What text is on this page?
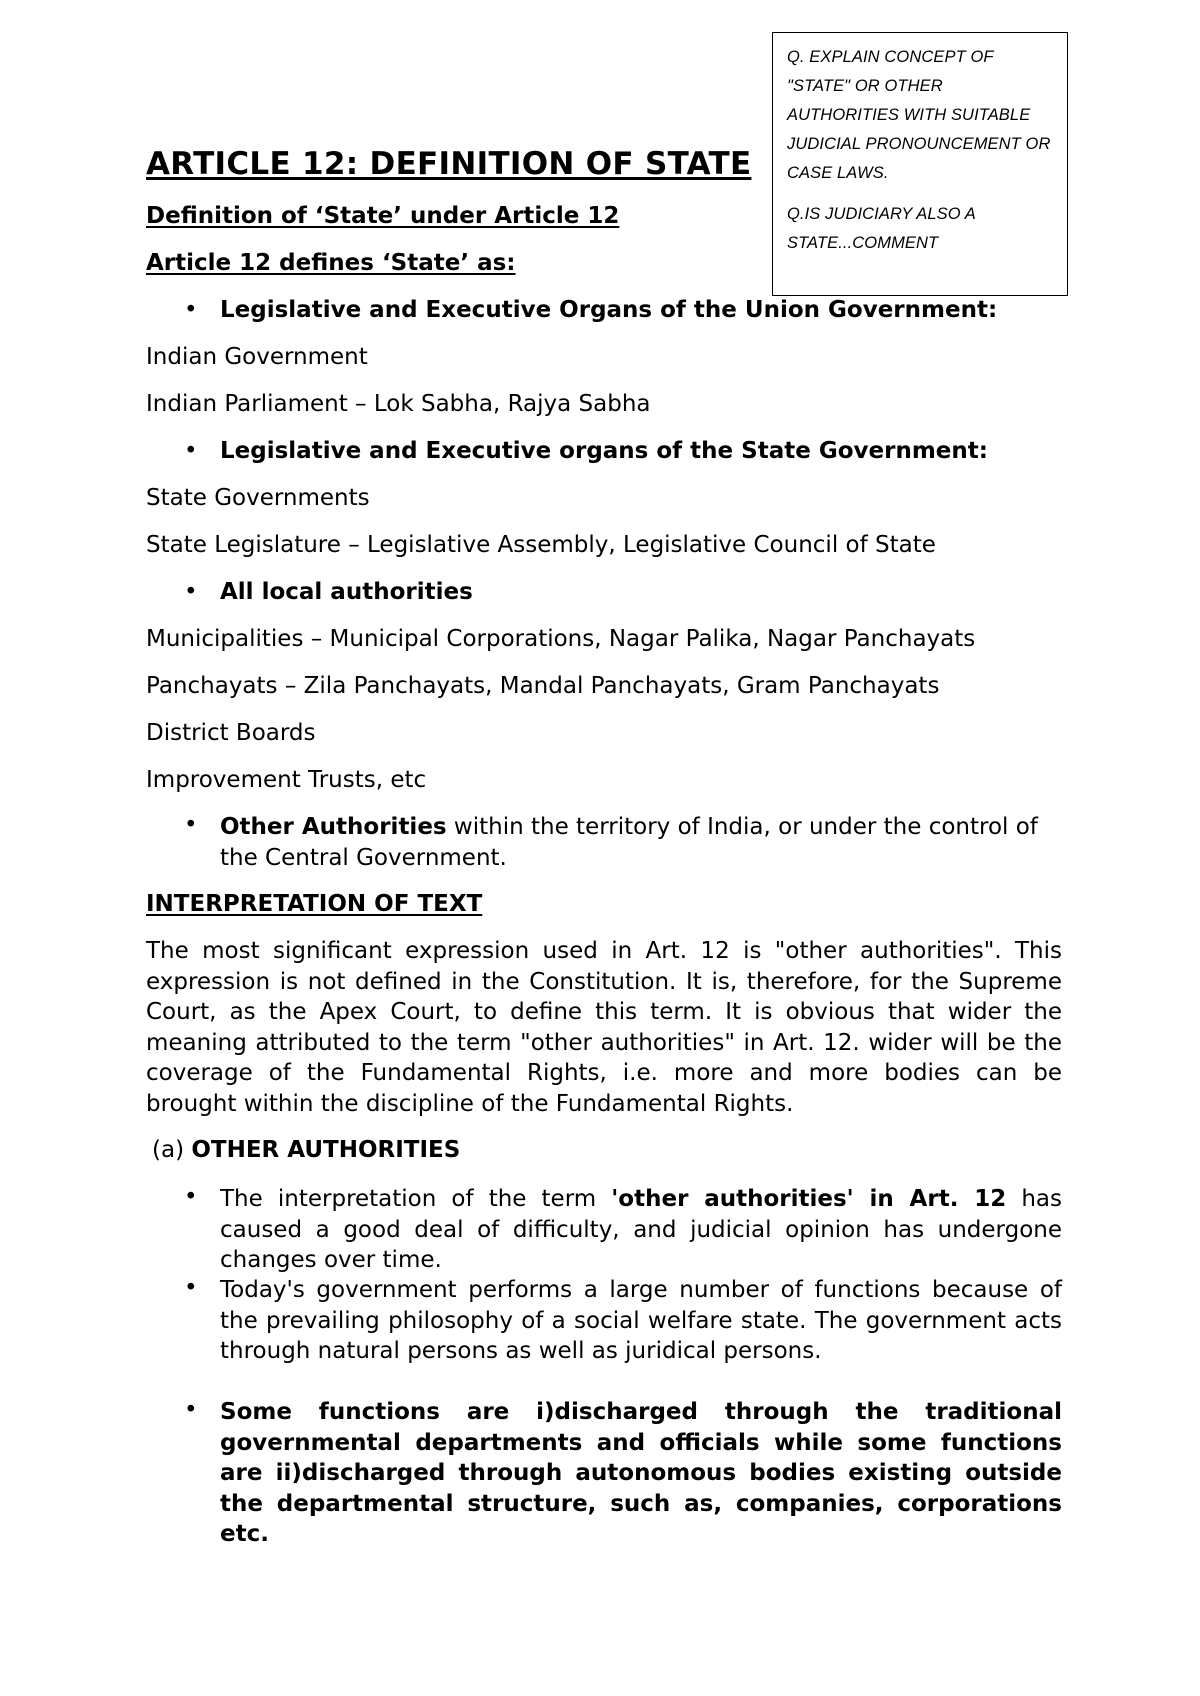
Q. EXPLAIN CONCEPT OF "STATE" OR OTHER AUTHORITIES WITH SUITABLE JUDICIAL PRONOUNCEMENT OR CASE LAWS.

Q.IS JUDICIARY ALSO A STATE...COMMENT

ARTICLE 12: DEFINITION OF STATE
Definition of ‘State’ under Article 12
Article 12 defines ‘State’ as:
• Legislative and Executive Organs of the Union Government:
Indian Government
Indian Parliament – Lok Sabha, Rajya Sabha
• Legislative and Executive organs of the State Government:
State Governments
State Legislature – Legislative Assembly, Legislative Council of State
• All local authorities
Municipalities – Municipal Corporations, Nagar Palika, Nagar Panchayats
Panchayats – Zila Panchayats, Mandal Panchayats, Gram Panchayats
District Boards
Improvement Trusts, etc
• Other Authorities within the territory of India, or under the control of the Central Government.
INTERPRETATION OF TEXT
The most significant expression used in Art. 12 is "other authorities". This expression is not defined in the Constitution. It is, therefore, for the Supreme Court, as the Apex Court, to define this term. It is obvious that wider the meaning attributed to the term "other authorities" in Art. 12. wider will be the coverage of the Fundamental Rights, i.e. more and more bodies can be brought within the discipline of the Fundamental Rights.
(a) OTHER AUTHORITIES
• The interpretation of the term 'other authorities' in Art. 12 has caused a good deal of difficulty, and judicial opinion has undergone changes over time.
• Today's government performs a large number of functions because of the prevailing philosophy of a social welfare state. The government acts through natural persons as well as juridical persons.
• Some functions are i)discharged through the traditional governmental departments and officials while some functions are ii)discharged through autonomous bodies existing outside the departmental structure, such as, companies, corporations etc.
